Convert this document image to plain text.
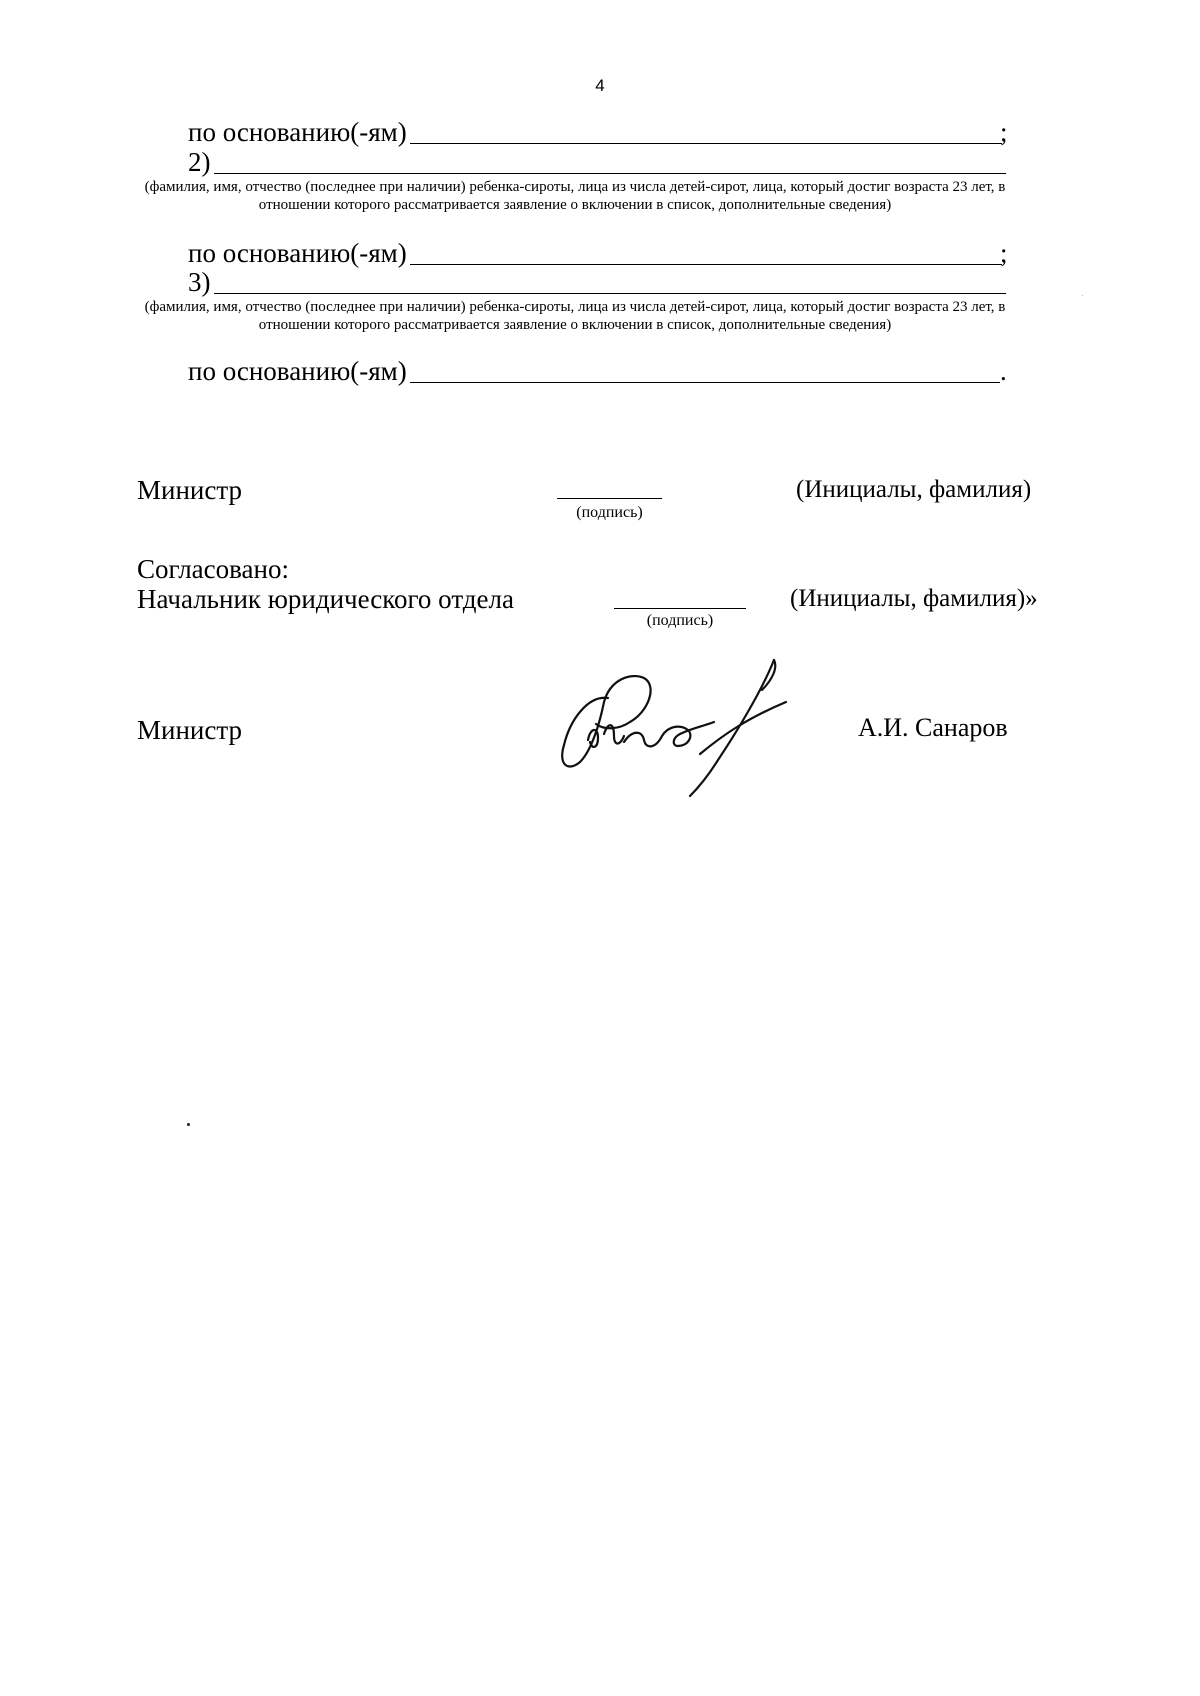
4
по основанию(-ям)	;
2)
(фамилия, имя, отчество (последнее при наличии) ребенка-сироты, лица из числа детей-сирот, лица, который достиг возраста 23 лет, в отношении которого рассматривается заявление о включении в список, дополнительные сведения)
по основанию(-ям)	;
3)
(фамилия, имя, отчество (последнее при наличии) ребенка-сироты, лица из числа детей-сирот, лица, который достиг возраста 23 лет, в отношении которого рассматривается заявление о включении в список, дополнительные сведения)
по основанию(-ям)	.
Министр
(подпись)
(Инициалы, фамилия)
Согласовано:
Начальник юридического отдела
(подпись)
(Инициалы, фамилия)»
Министр	А.И. Санаров
